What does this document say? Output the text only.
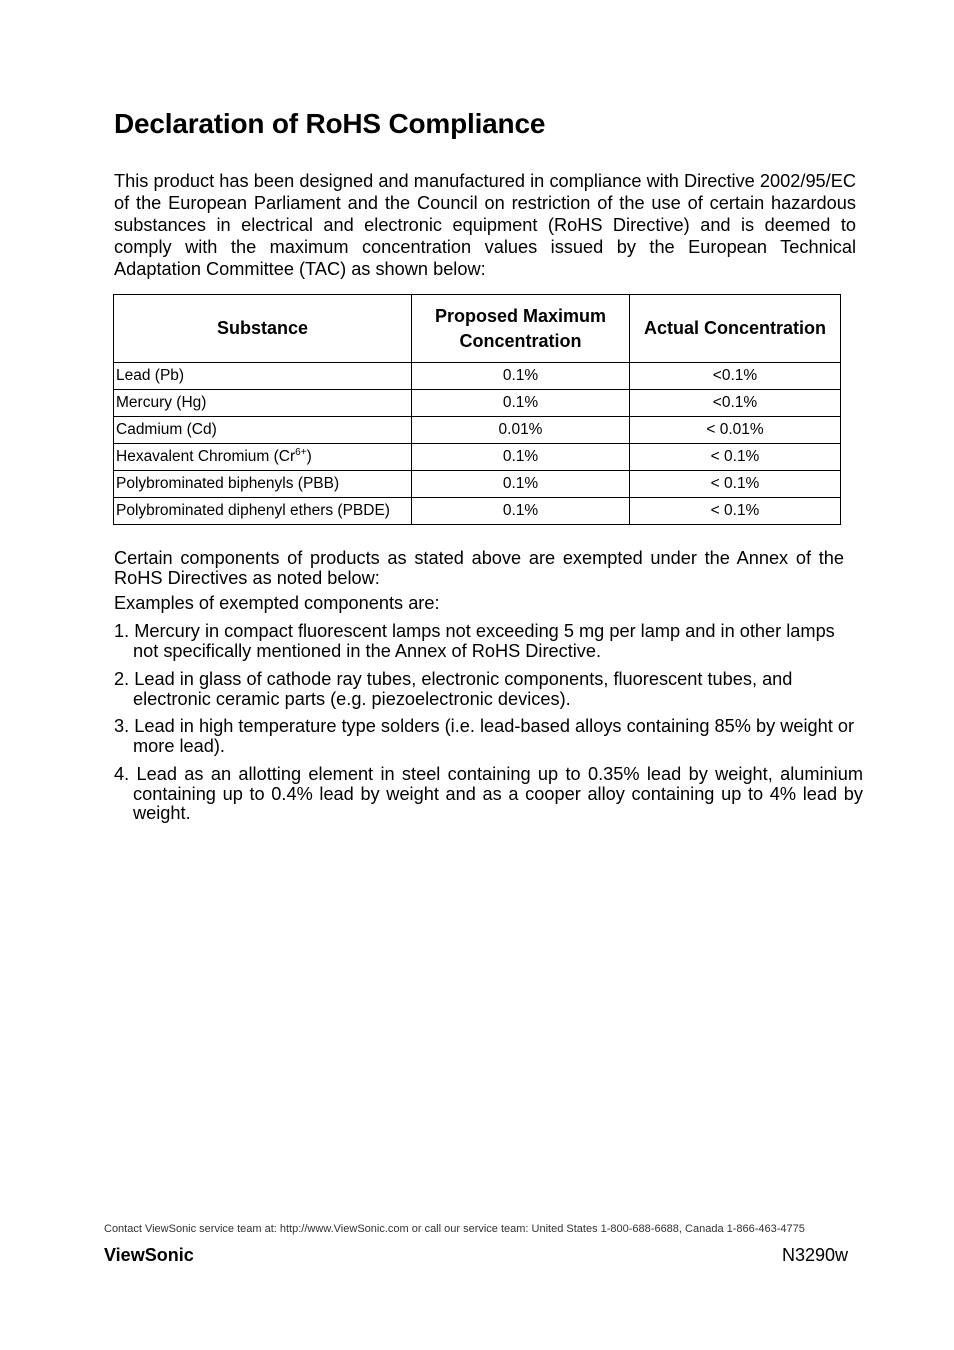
Declaration of RoHS Compliance

This product has been designed and manufactured in compliance with Directive 2002/95/EC of the European Parliament and the Council on restriction of the use of certain hazardous substances in electrical and electronic equipment (RoHS Directive) and is deemed to comply with the maximum concentration values issued by the European Technical Adaptation Committee (TAC) as shown below:

Substance	Proposed Maximum Concentration	Actual Concentration
Lead (Pb)	0.1%	<0.1%
Mercury (Hg)	0.1%	<0.1%
Cadmium (Cd)	0.01%	< 0.01%
Hexavalent Chromium $(Cr^{6+})$	0.1%	< 0.1%
Polybrominated biphenyls (PBB)	0.1%	< 0.1%
Polybrominated diphenyl ethers (PBDE)	0.1%	< 0.1%

Certain components of products as stated above are exempted under the Annex of the RoHS Directives as noted below:

Examples of exempted components are:

1. Mercury in compact fluorescent lamps not exceeding 5 mg per lamp and in other lamps not specifically mentioned in the Annex of RoHS Directive.

2. Lead in glass of cathode ray tubes, electronic components, fluorescent tubes, and electronic ceramic parts (e.g. piezoelectronic devices).

3. Lead in high temperature type solders (i.e. lead-based alloys containing 85% by weight or more lead).

4. Lead as an allotting element in steel containing up to 0.35% lead by weight, aluminium containing up to 0.4% lead by weight and as a cooper alloy containing up to 4% lead by weight.

Contact ViewSonic service team at: http://www.ViewSonic.com or call our service team: United States 1-800-688-6688, Canada 1-866-463-4775
ViewSonic	N3290w
